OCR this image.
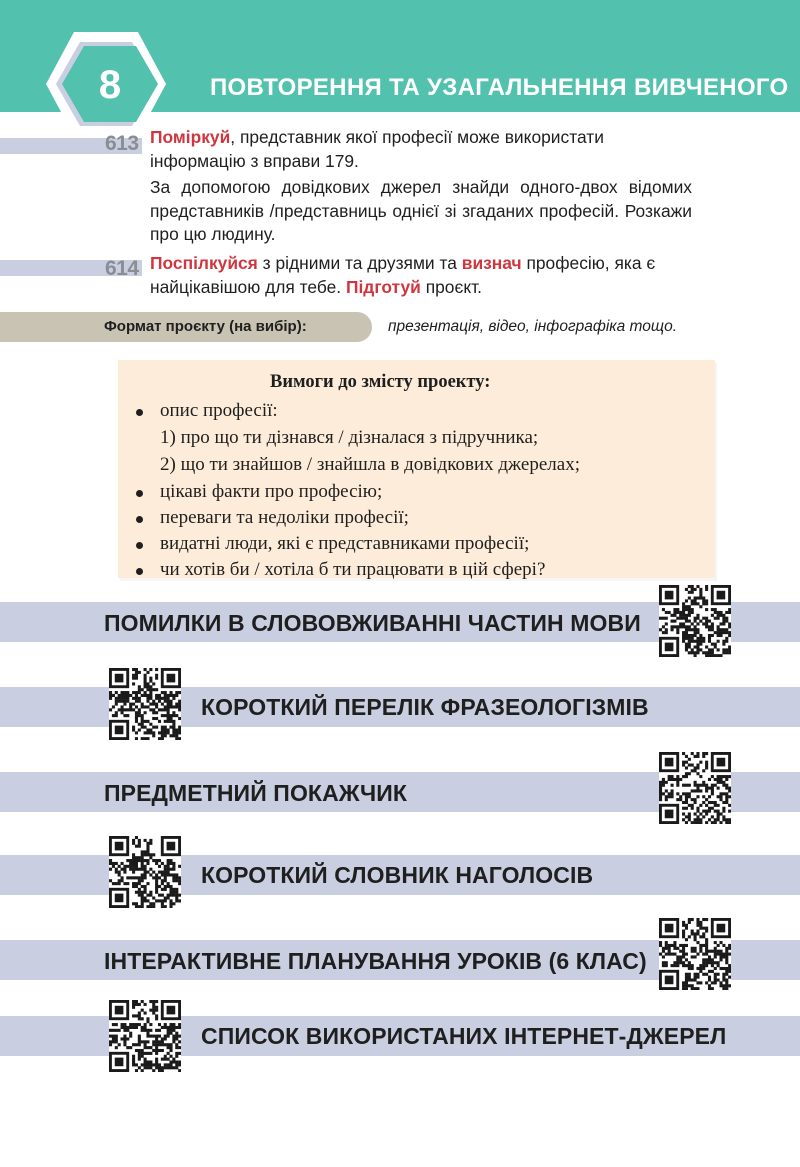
8	ПОВТОРЕННЯ ТА УЗАГАЛЬНЕННЯ ВИВЧЕНОГО
613 Поміркуй, представник якої професії може використати
інформацію з вправи 179.

За допомогою довідкових джерел знайди одного-двох відомих представників /представниць однієї зі згаданих професій. Розкажи про цю людину.

614 Поспілкуйся з рідними та друзями та визнач професію, яка є найцікавішою для тебе. Підготуй проєкт.

Формат проєкту (на вибір):	презентація, відео, інфографіка тощо.
Вимоги до змісту проекту:
опис професії:
1) про що ти дізнався / дізналася з підручника;
2) що ти знайшов / знайшла в довідкових джерелах;
цікаві факти про професію;
переваги та недоліки професії;
видатні люди, які є представниками професії;
чи хотів би / хотіла б ти працювати в цій сфері?
ПОМИЛКИ В СЛОВОВЖИВАННІ ЧАСТИН МОВИ
КОРОТКИЙ ПЕРЕЛІК ФРАЗЕОЛОГІЗМІВ
ПРЕДМЕТНИЙ ПОКАЖЧИК
КОРОТКИЙ СЛОВНИК НАГОЛОСІВ
ІНТЕРАКТИВНЕ ПЛАНУВАННЯ УРОКІВ (6 КЛАС)
СПИСОК ВИКОРИСТАНИХ ІНТЕРНЕТ-ДЖЕРЕЛ
